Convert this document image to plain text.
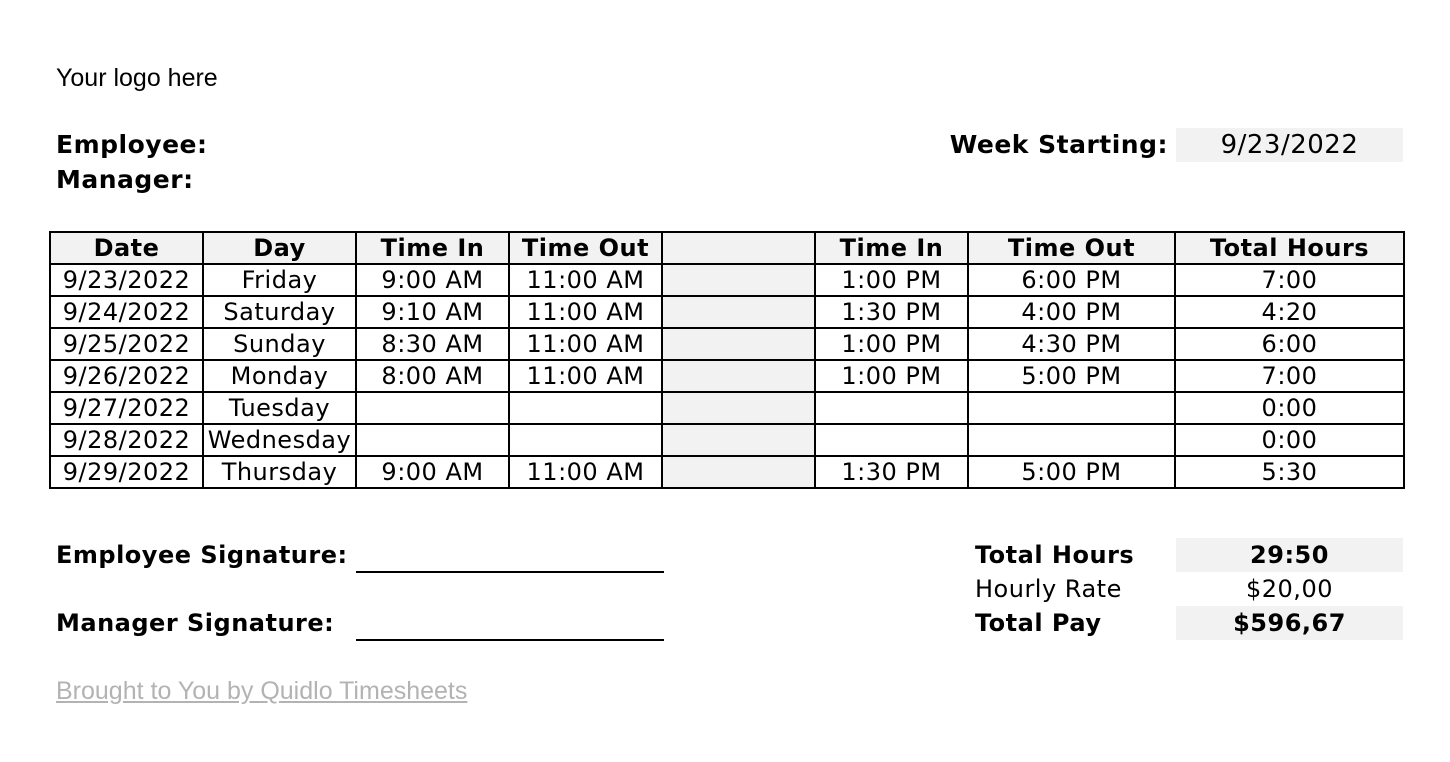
Your logo here
Employee:
Manager:
Week Starting:	9/23/2022
Date	Day	Time In	Time Out		Time In	Time Out	Total Hours
9/23/2022	Friday	9:00 AM	11:00 AM		1:00 PM	6:00 PM	7:00
9/24/2022	Saturday	9:10 AM	11:00 AM		1:30 PM	4:00 PM	4:20
9/25/2022	Sunday	8:30 AM	11:00 AM		1:00 PM	4:30 PM	6:00
9/26/2022	Monday	8:00 AM	11:00 AM		1:00 PM	5:00 PM	7:00
9/27/2022	Tuesday						0:00
9/28/2022	Wednesday						0:00
9/29/2022	Thursday	9:00 AM	11:00 AM		1:30 PM	5:00 PM	5:30
Employee Signature:
Manager Signature:
Total Hours	29:50
Hourly Rate	$20,00
Total Pay	$596,67
Brought to You by Quidlo Timesheets
